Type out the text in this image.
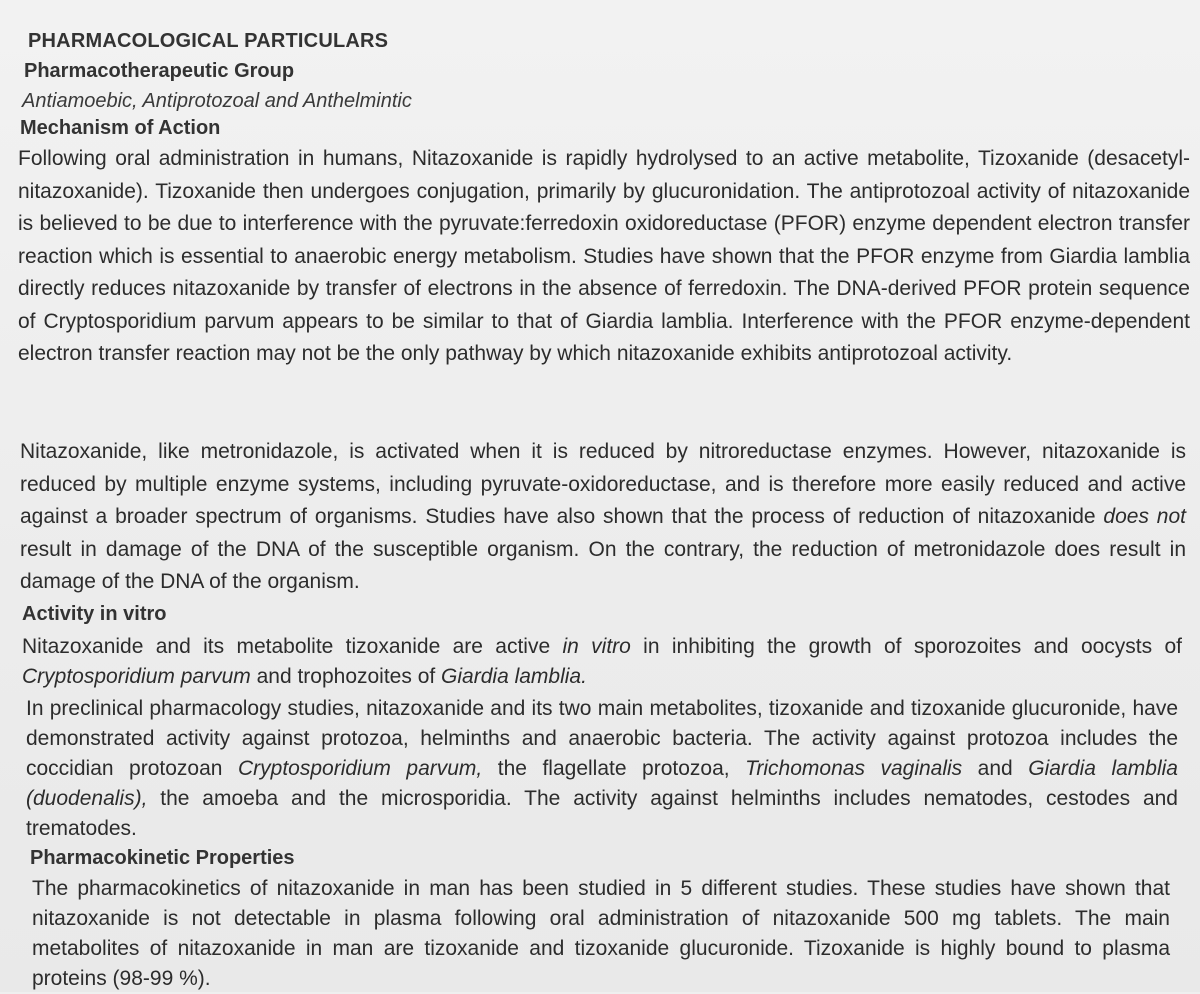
PHARMACOLOGICAL PARTICULARS
Pharmacotherapeutic Group
Antiamoebic, Antiprotozoal and Anthelmintic
Mechanism of Action
Following oral administration in humans, Nitazoxanide is rapidly hydrolysed to an active metabolite, Tizoxanide (desacetyl-nitazoxanide). Tizoxanide then undergoes conjugation, primarily by glucuronidation. The antiprotozoal activity of nitazoxanide is believed to be due to interference with the pyruvate:ferredoxin oxidoreductase (PFOR) enzyme dependent electron transfer reaction which is essential to anaerobic energy metabolism. Studies have shown that the PFOR enzyme from Giardia lamblia directly reduces nitazoxanide by transfer of electrons in the absence of ferredoxin. The DNA-derived PFOR protein sequence of Cryptosporidium parvum appears to be similar to that of Giardia lamblia. Interference with the PFOR enzyme-dependent electron transfer reaction may not be the only pathway by which nitazoxanide exhibits antiprotozoal activity.
Nitazoxanide, like metronidazole, is activated when it is reduced by nitroreductase enzymes. However, nitazoxanide is reduced by multiple enzyme systems, including pyruvate-oxidoreductase, and is therefore more easily reduced and active against a broader spectrum of organisms. Studies have also shown that the process of reduction of nitazoxanide does not result in damage of the DNA of the susceptible organism. On the contrary, the reduction of metronidazole does result in damage of the DNA of the organism.
Activity in vitro
Nitazoxanide and its metabolite tizoxanide are active in vitro in inhibiting the growth of sporozoites and oocysts of Cryptosporidium parvum and trophozoites of Giardia lamblia.
In preclinical pharmacology studies, nitazoxanide and its two main metabolites, tizoxanide and tizoxanide glucuronide, have demonstrated activity against protozoa, helminths and anaerobic bacteria. The activity against protozoa includes the coccidian protozoan Cryptosporidium parvum, the flagellate protozoa, Trichomonas vaginalis and Giardia lamblia (duodenalis), the amoeba and the microsporidia. The activity against helminths includes nematodes, cestodes and trematodes.
Pharmacokinetic Properties
The pharmacokinetics of nitazoxanide in man has been studied in 5 different studies. These studies have shown that nitazoxanide is not detectable in plasma following oral administration of nitazoxanide 500 mg tablets. The main metabolites of nitazoxanide in man are tizoxanide and tizoxanide glucuronide. Tizoxanide is highly bound to plasma proteins (98-99 %).
